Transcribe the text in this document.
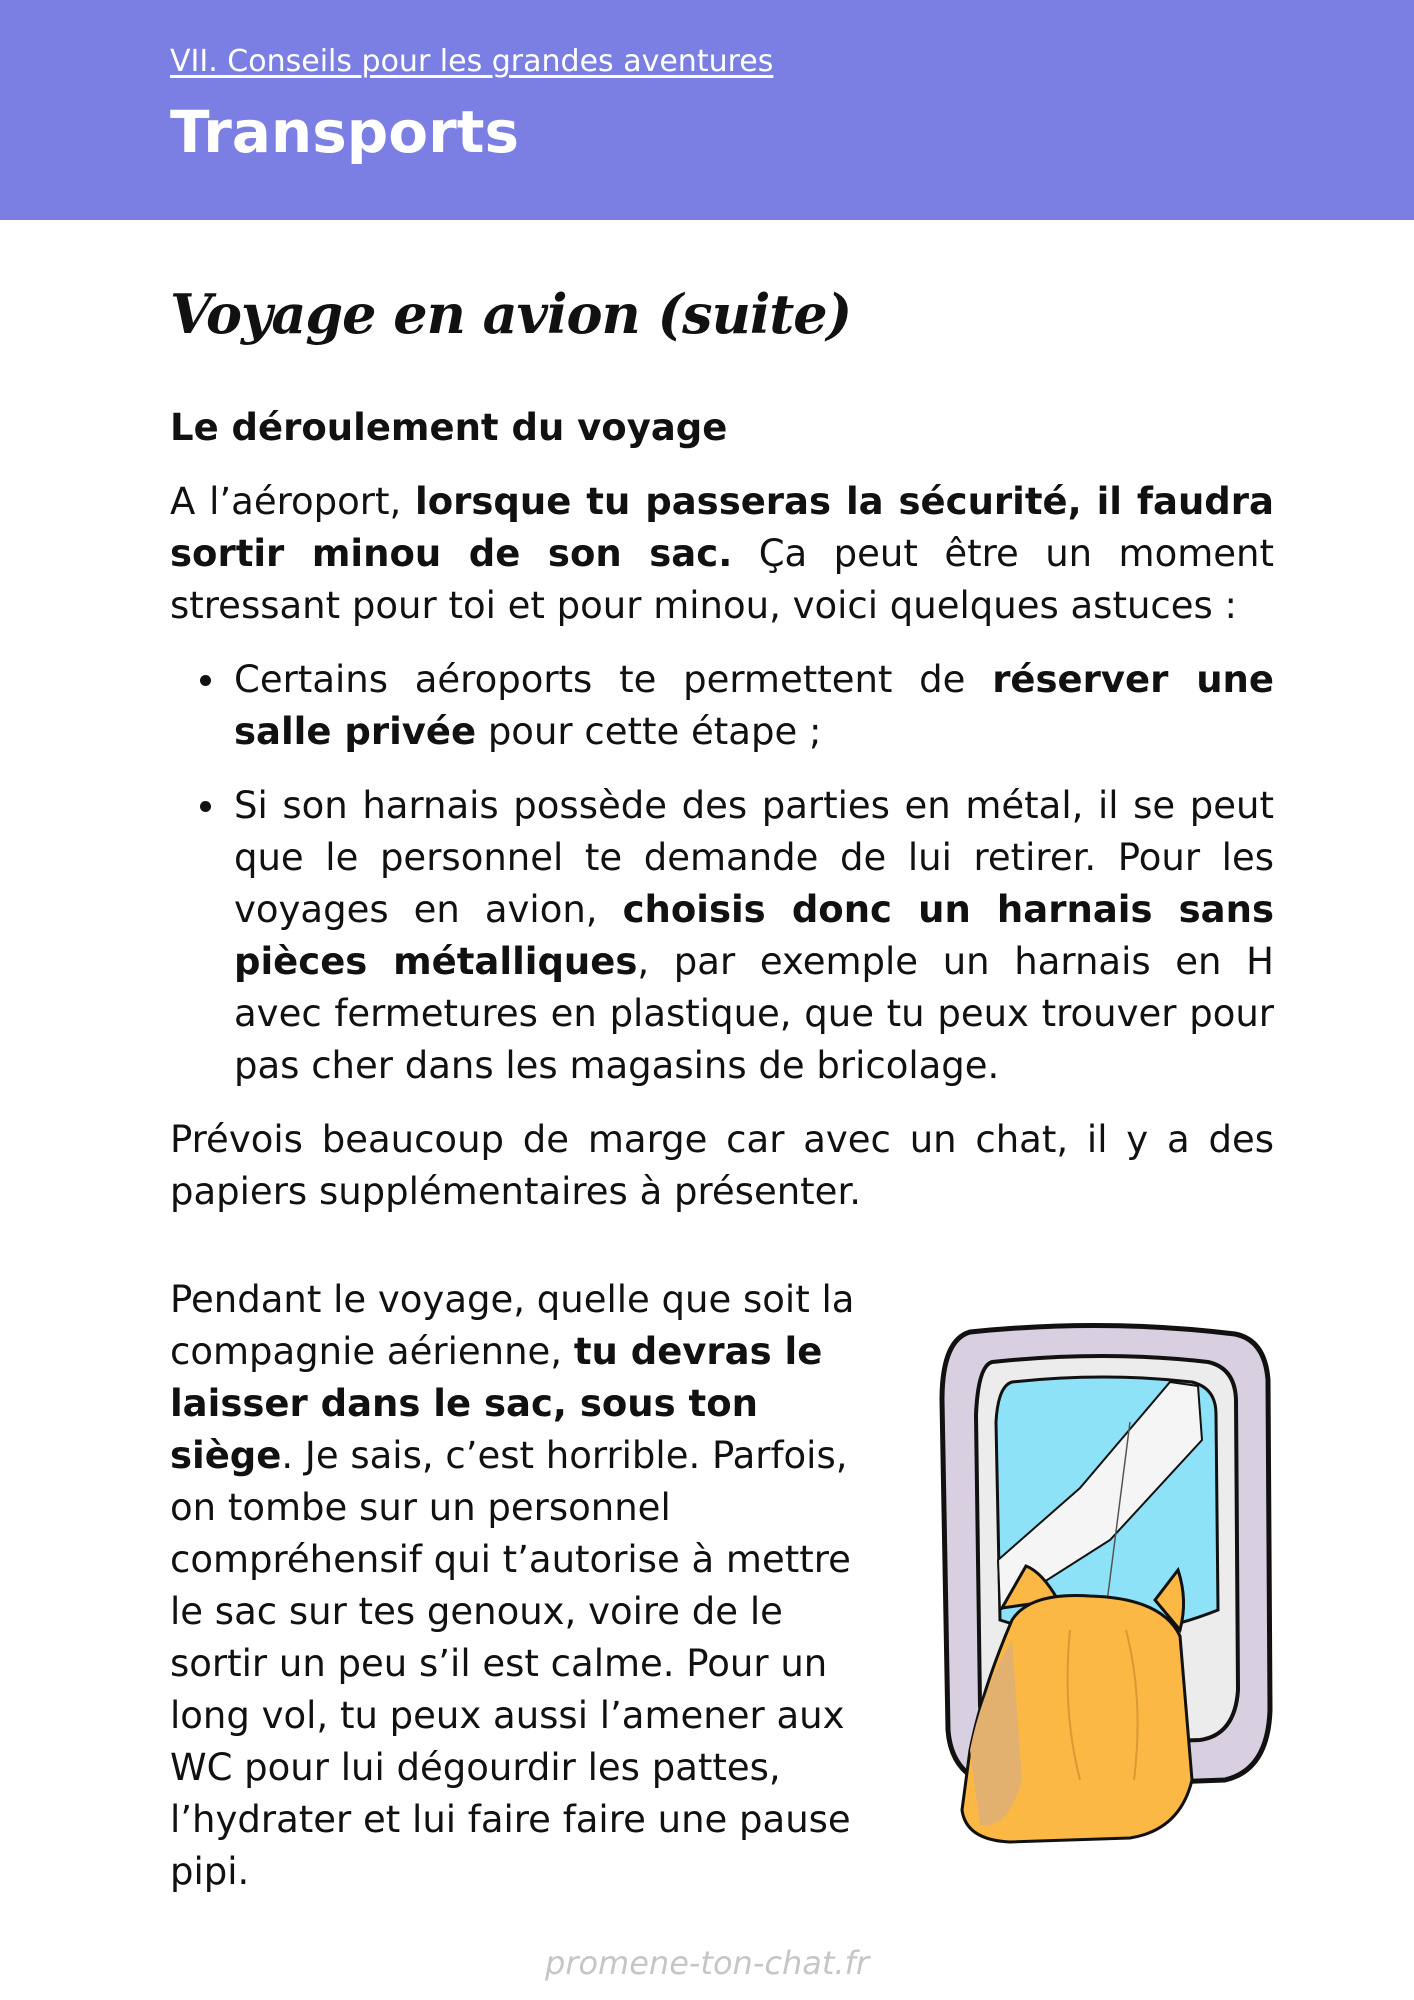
VII. Conseils pour les grandes aventures
Transports
Voyage en avion (suite)

Le déroulement du voyage

A l’aéroport, lorsque tu passeras la sécurité, il faudra sortir minou de son sac. Ça peut être un moment stressant pour toi et pour minou, voici quelques astuces :

Certains aéroports te permettent de réserver une salle privée pour cette étape ;
Si son harnais possède des parties en métal, il se peut que le personnel te demande de lui retirer. Pour les voyages en avion, choisis donc un harnais sans pièces métalliques, par exemple un harnais en H avec fermetures en plastique, que tu peux trouver pour pas cher dans les magasins de bricolage.

Prévois beaucoup de marge car avec un chat, il y a des papiers supplémentaires à présenter.

Pendant le voyage, quelle que soit la compagnie aérienne, tu devras le laisser dans le sac, sous ton siège. Je sais, c’est horrible. Parfois, on tombe sur un personnel compréhensif qui t’autorise à mettre le sac sur tes genoux, voire de le sortir un peu s’il est calme. Pour un long vol, tu peux aussi l’amener aux WC pour lui dégourdir les pattes, l’hydrater et lui faire faire une pause pipi.
promene-ton-chat.fr
